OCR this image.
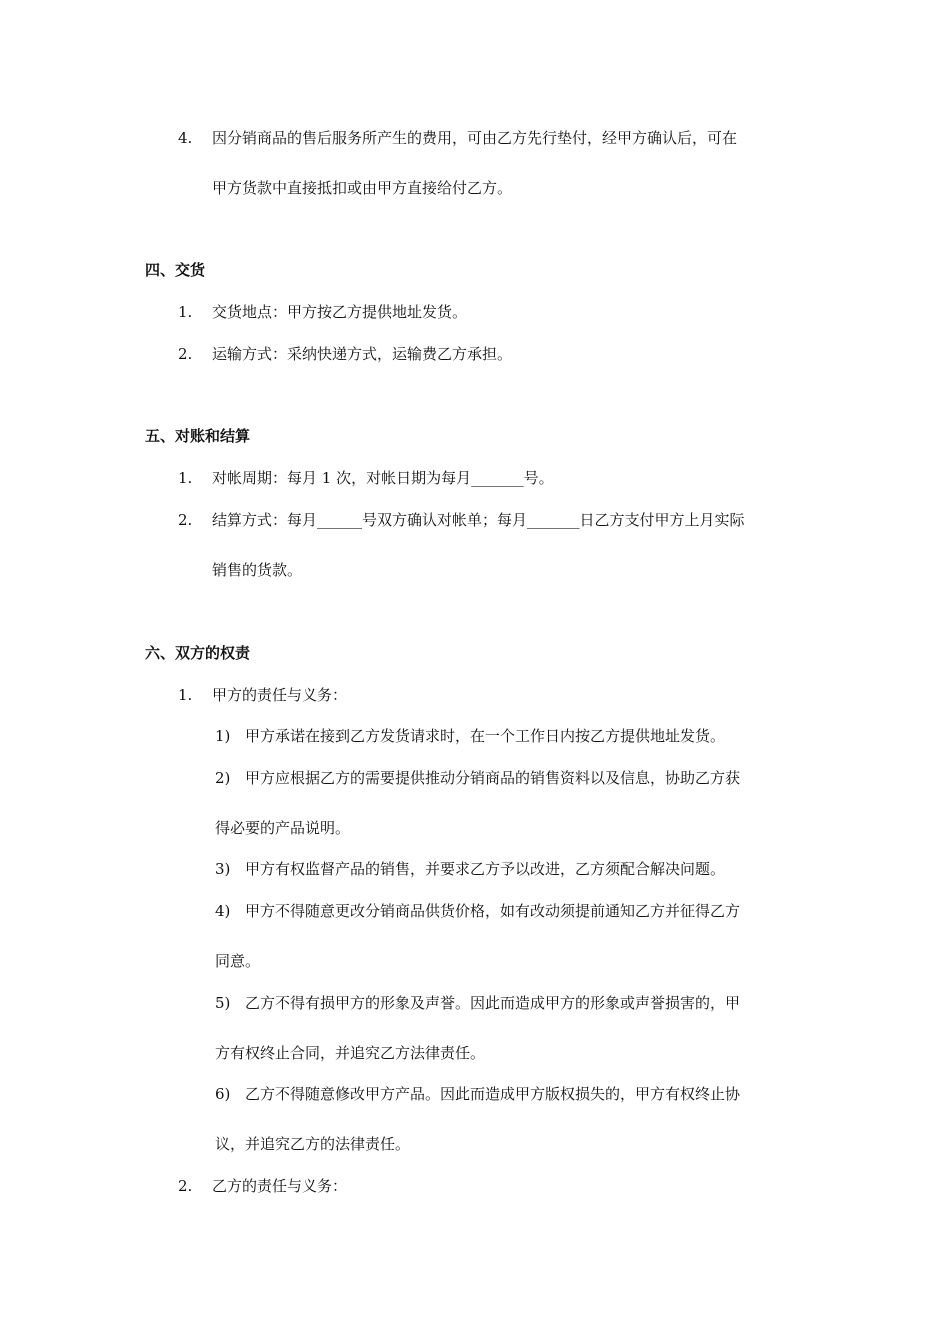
4. 因分销商品的售后服务所产生的费用，可由乙方先行垫付，经甲方确认后，可在
甲方货款中直接抵扣或由甲方直接给付乙方。
四、交货
1. 交货地点：甲方按乙方提供地址发货。
2. 运输方式：采纳快递方式，运输费乙方承担。
五、对账和结算
1. 对帐周期：每月 1 次，对帐日期为每月_______号。
2. 结算方式：每月______号双方确认对帐单；每月_______日乙方支付甲方上月实际
销售的货款。
六、双方的权责
1. 甲方的责任与义务：
1) 甲方承诺在接到乙方发货请求时，在一个工作日内按乙方提供地址发货。
2) 甲方应根据乙方的需要提供推动分销商品的销售资料以及信息，协助乙方获
得必要的产品说明。
3) 甲方有权监督产品的销售，并要求乙方予以改进，乙方须配合解决问题。
4) 甲方不得随意更改分销商品供货价格，如有改动须提前通知乙方并征得乙方
同意。
5) 乙方不得有损甲方的形象及声誉。因此而造成甲方的形象或声誉损害的，甲
方有权终止合同，并追究乙方法律责任。
6) 乙方不得随意修改甲方产品。因此而造成甲方版权损失的，甲方有权终止协
议，并追究乙方的法律责任。
2. 乙方的责任与义务：
